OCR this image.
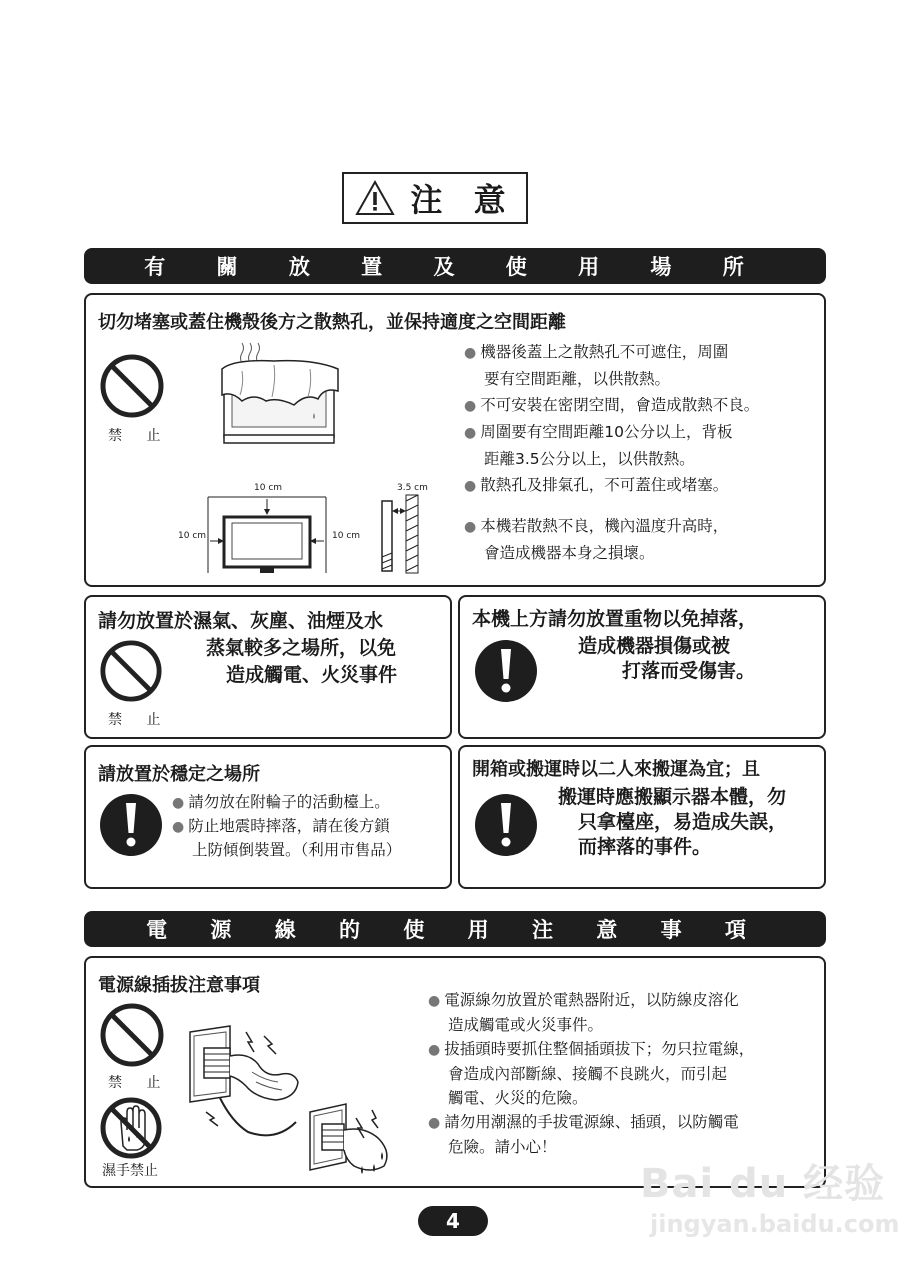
注 意
有 關 放 置 及 使 用 場 所
切勿堵塞或蓋住機殼後方之散熱孔，並保持適度之空間距離
禁 止
10 cm
10 cm	10 cm
3.5 cm
● 機器後蓋上之散熱孔不可遮住，周圍
要有空間距離，以供散熱。
● 不可安裝在密閉空間，會造成散熱不良。
● 周圍要有空間距離10公分以上，背板
距離3.5公分以上，以供散熱。
● 散熱孔及排氣孔，不可蓋住或堵塞。
● 本機若散熱不良，機內溫度升高時，
會造成機器本身之損壞。
請勿放置於濕氣、灰塵、油煙及水
蒸氣較多之場所，以免
造成觸電、火災事件
禁 止
本機上方請勿放置重物以免掉落，
造成機器損傷或被
打落而受傷害。
請放置於穩定之場所
● 請勿放在附輪子的活動檯上。
● 防止地震時摔落，請在後方鎖
上防傾倒裝置。（利用市售品）
開箱或搬運時以二人來搬運為宜；且
搬運時應搬顯示器本體，勿
只拿檯座，易造成失誤，
而摔落的事件。
電 源 線 的 使 用 注 意 事 項
電源線插拔注意事項
禁 止
濕手禁止
● 電源線勿放置於電熱器附近，以防線皮溶化
造成觸電或火災事件。
● 拔插頭時要抓住整個插頭拔下；勿只拉電線，
會造成內部斷線、接觸不良跳火，而引起
觸電、火災的危險。
● 請勿用潮濕的手拔電源線、插頭，以防觸電
危險。請小心！
4
Bai du 经验
jingyan.baidu.com
